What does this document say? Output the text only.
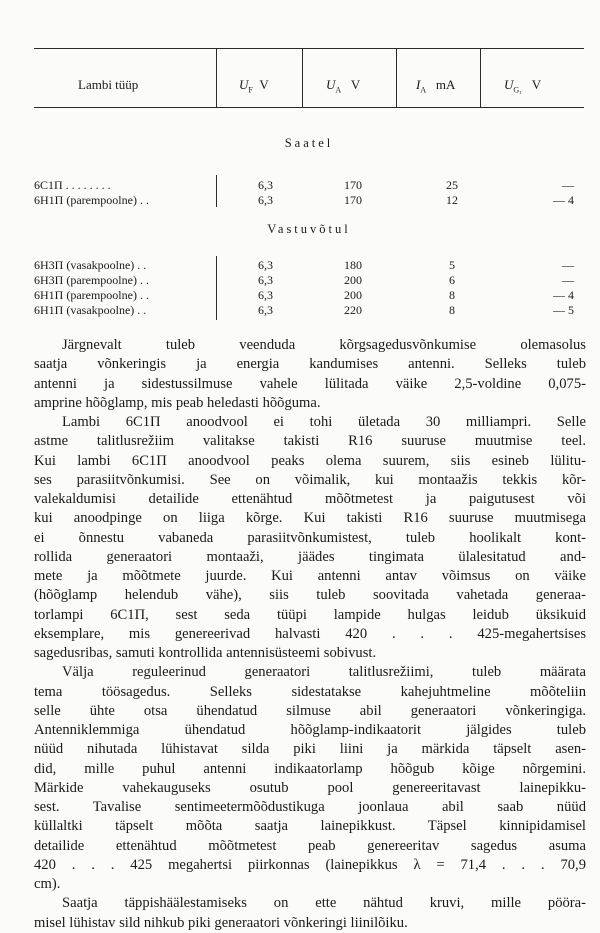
Lambi tüüp	$U_F$ V	$U_A$ V	$I_A$ mA	$U_{G_1}$ V
Saatel
6С1П . . . . . . . .	6,3	170	25	—
6Н1П (parempoolne) . .	6,3	170	12	— 4
Vastuvõtul
6Н3П (vasakpoolne) . .	6,3	180	5	—
6Н3П (parempoolne) . .	6,3	200	6	—
6Н1П (parempoolne) . .	6,3	200	8	— 4
6Н1П (vasakpoolne) . .	6,3	220	8	— 5
Järgnevalt tuleb veenduda kõrgsagedusvõnkumise olemasolus
saatja võnkeringis ja energia kandumises antenni. Selleks tuleb
antenni ja sidestussilmuse vahele lülitada väike 2,5-voldine 0,075-
amprine hõõglamp, mis peab heledasti hõõguma.
Lambi 6С1П anoodvool ei tohi ületada 30 milliampri. Selle
astme talitlusrežiim valitakse takisti R16 suuruse muutmise teel.
Kui lambi 6С1П anoodvool peaks olema suurem, siis esineb lülitu-
ses parasiitvõnkumisi. See on võimalik, kui montaažis tekkis kõr-
valekaldumisi detailide ettenähtud mõõtmetest ja paigutusest või
kui anoodpinge on liiga kõrge. Kui takisti R16 suuruse muutmisega
ei õnnestu vabaneda parasiitvõnkumistest, tuleb hoolikalt kont-
rollida generaatori montaaži, jäädes tingimata ülalesitatud and-
mete ja mõõtmete juurde. Kui antenni antav võimsus on väike
(hõõglamp helendub vähe), siis tuleb soovitada vahetada generaa-
torlampi 6С1П, sest seda tüüpi lampide hulgas leidub üksikuid
eksemplare, mis genereerivad halvasti 420 . . . 425-megahertsises
sagedusribas, samuti kontrollida antennisüsteemi sobivust.
Välja reguleerinud generaatori talitlusrežiimi, tuleb määrata
tema töösagedus. Selleks sidestatakse kahejuhtmeline mõõteliin
selle ühte otsa ühendatud silmuse abil generaatori võnkeringiga.
Antenniklemmiga ühendatud hõõglamp-indikaatorit jälgides tuleb
nüüd nihutada lühistavat silda piki liini ja märkida täpselt asen-
did, mille puhul antenni indikaatorlamp hõõgub kõige nõrgemini.
Märkide vahekauguseks osutub pool genereeritavast lainepikku-
sest. Tavalise sentimeetermõõdustikuga joonlaua abil saab nüüd
küllaltki täpselt mõõta saatja lainepikkust. Täpsel kinnipidamisel
detailide ettenähtud mõõtmetest peab genereeritav sagedus asuma
420 . . . 425 megahertsi piirkonnas (lainepikkus λ = 71,4 . . . 70,9
cm).
Saatja täppishäälestamiseks on ette nähtud kruvi, mille pööra-
misel lühistav sild nihkub piki generaatori võnkeringi liinilõiku.
